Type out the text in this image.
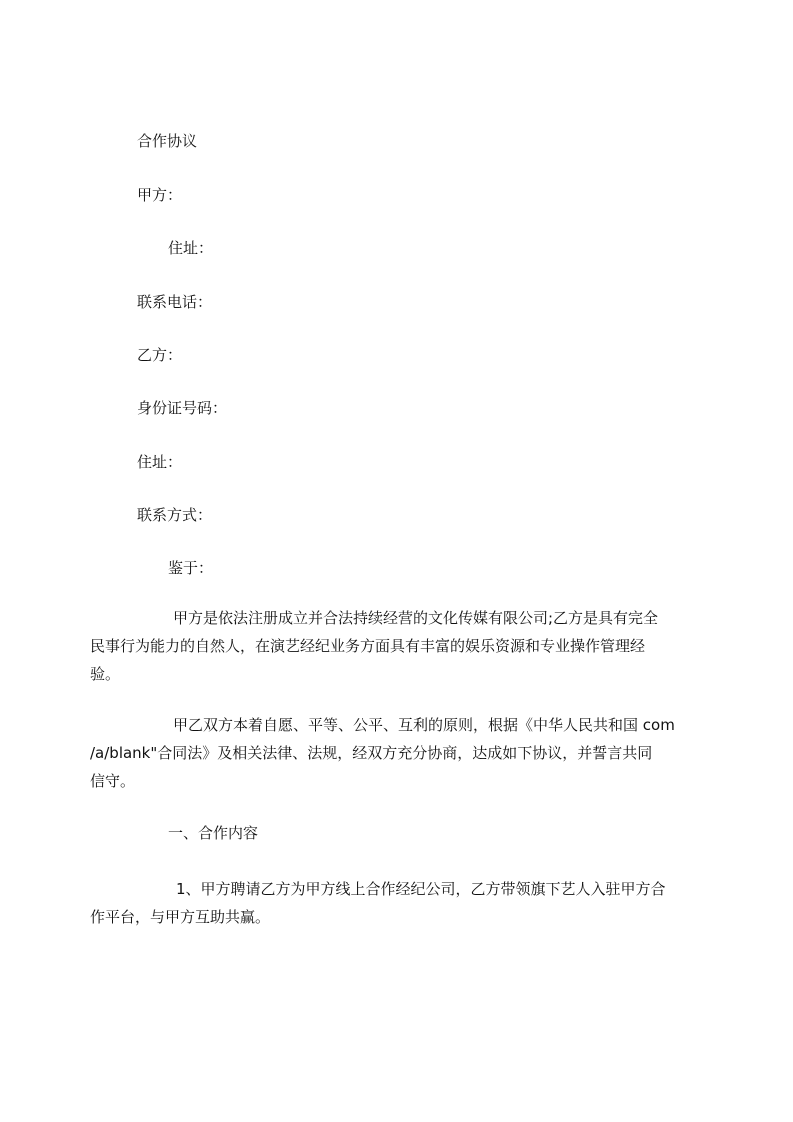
合作协议
甲方：
住址：
联系电话：
乙方：
身份证号码：
住址：
联系方式：
鉴于：
甲方是依法注册成立并合法持续经营的文化传媒有限公司;乙方是具有完全
民事行为能力的自然人，在演艺经纪业务方面具有丰富的娱乐资源和专业操作管理经
验。
甲乙双方本着自愿、平等、公平、互利的原则，根据《中华人民共和国 com
/a/blank"合同法》及相关法律、法规，经双方充分协商，达成如下协议，并誓言共同
信守。
一、合作内容
1、甲方聘请乙方为甲方线上合作经纪公司，乙方带领旗下艺人入驻甲方合
作平台，与甲方互助共赢。
